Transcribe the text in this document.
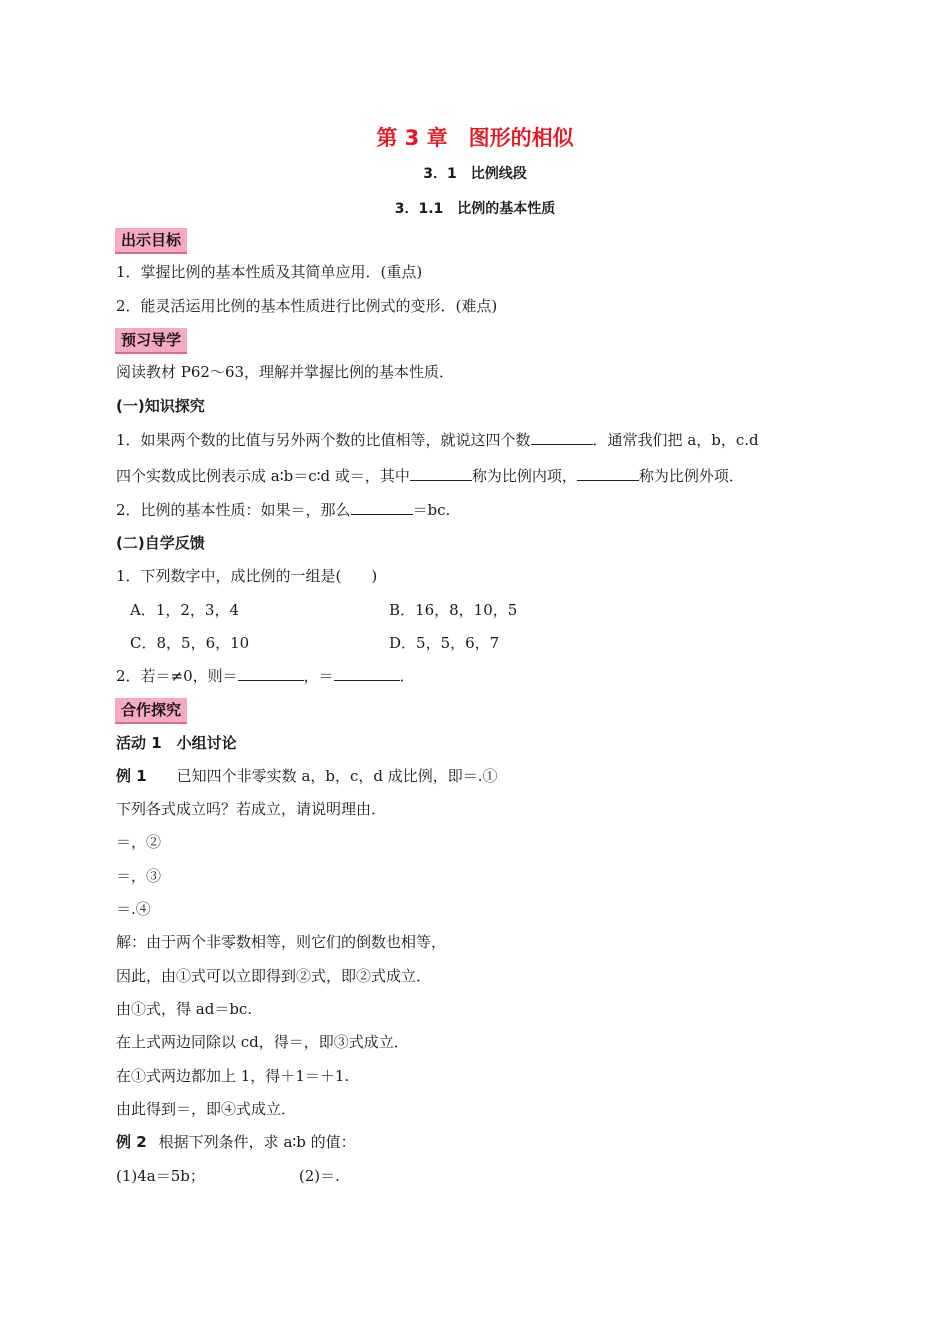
第 3 章　图形的相似
3．1　比例线段
3．1.1　比例的基本性质
出示目标
1．掌握比例的基本性质及其简单应用．(重点)
2．能灵活运用比例的基本性质进行比例式的变形．(难点)
预习导学
阅读教材 P62～63，理解并掌握比例的基本性质．
(一)知识探究
1．如果两个数的比值与另外两个数的比值相等，就说这四个数	．通常我们把 a，b，c.d
四个实数成比例表示成 a∶b＝c∶d 或＝，其中	称为比例内项，	称为比例外项．
2．比例的基本性质：如果＝，那么	＝bc.
(二)自学反馈
1．下列数字中，成比例的一组是(　　)
A．1，2，3，4	B．16，8，10，5
C．8，5，6，10	D．5，5，6，7
2．若＝≠0，则＝	，＝	．
合作探究
活动 1　小组讨论
例 1 已知四个非零实数 a，b，c，d 成比例，即＝.①
下列各式成立吗？若成立，请说明理由．
＝，②
＝，③
＝.④
解：由于两个非零数相等，则它们的倒数也相等，
因此，由①式可以立即得到②式，即②式成立．
由①式，得 ad＝bc.
在上式两边同除以 cd，得＝，即③式成立．
在①式两边都加上 1，得＋1＝＋1.
由此得到＝，即④式成立．
例 2 根据下列条件，求 a∶b 的值：
(1)4a＝5b；	(2)＝.
